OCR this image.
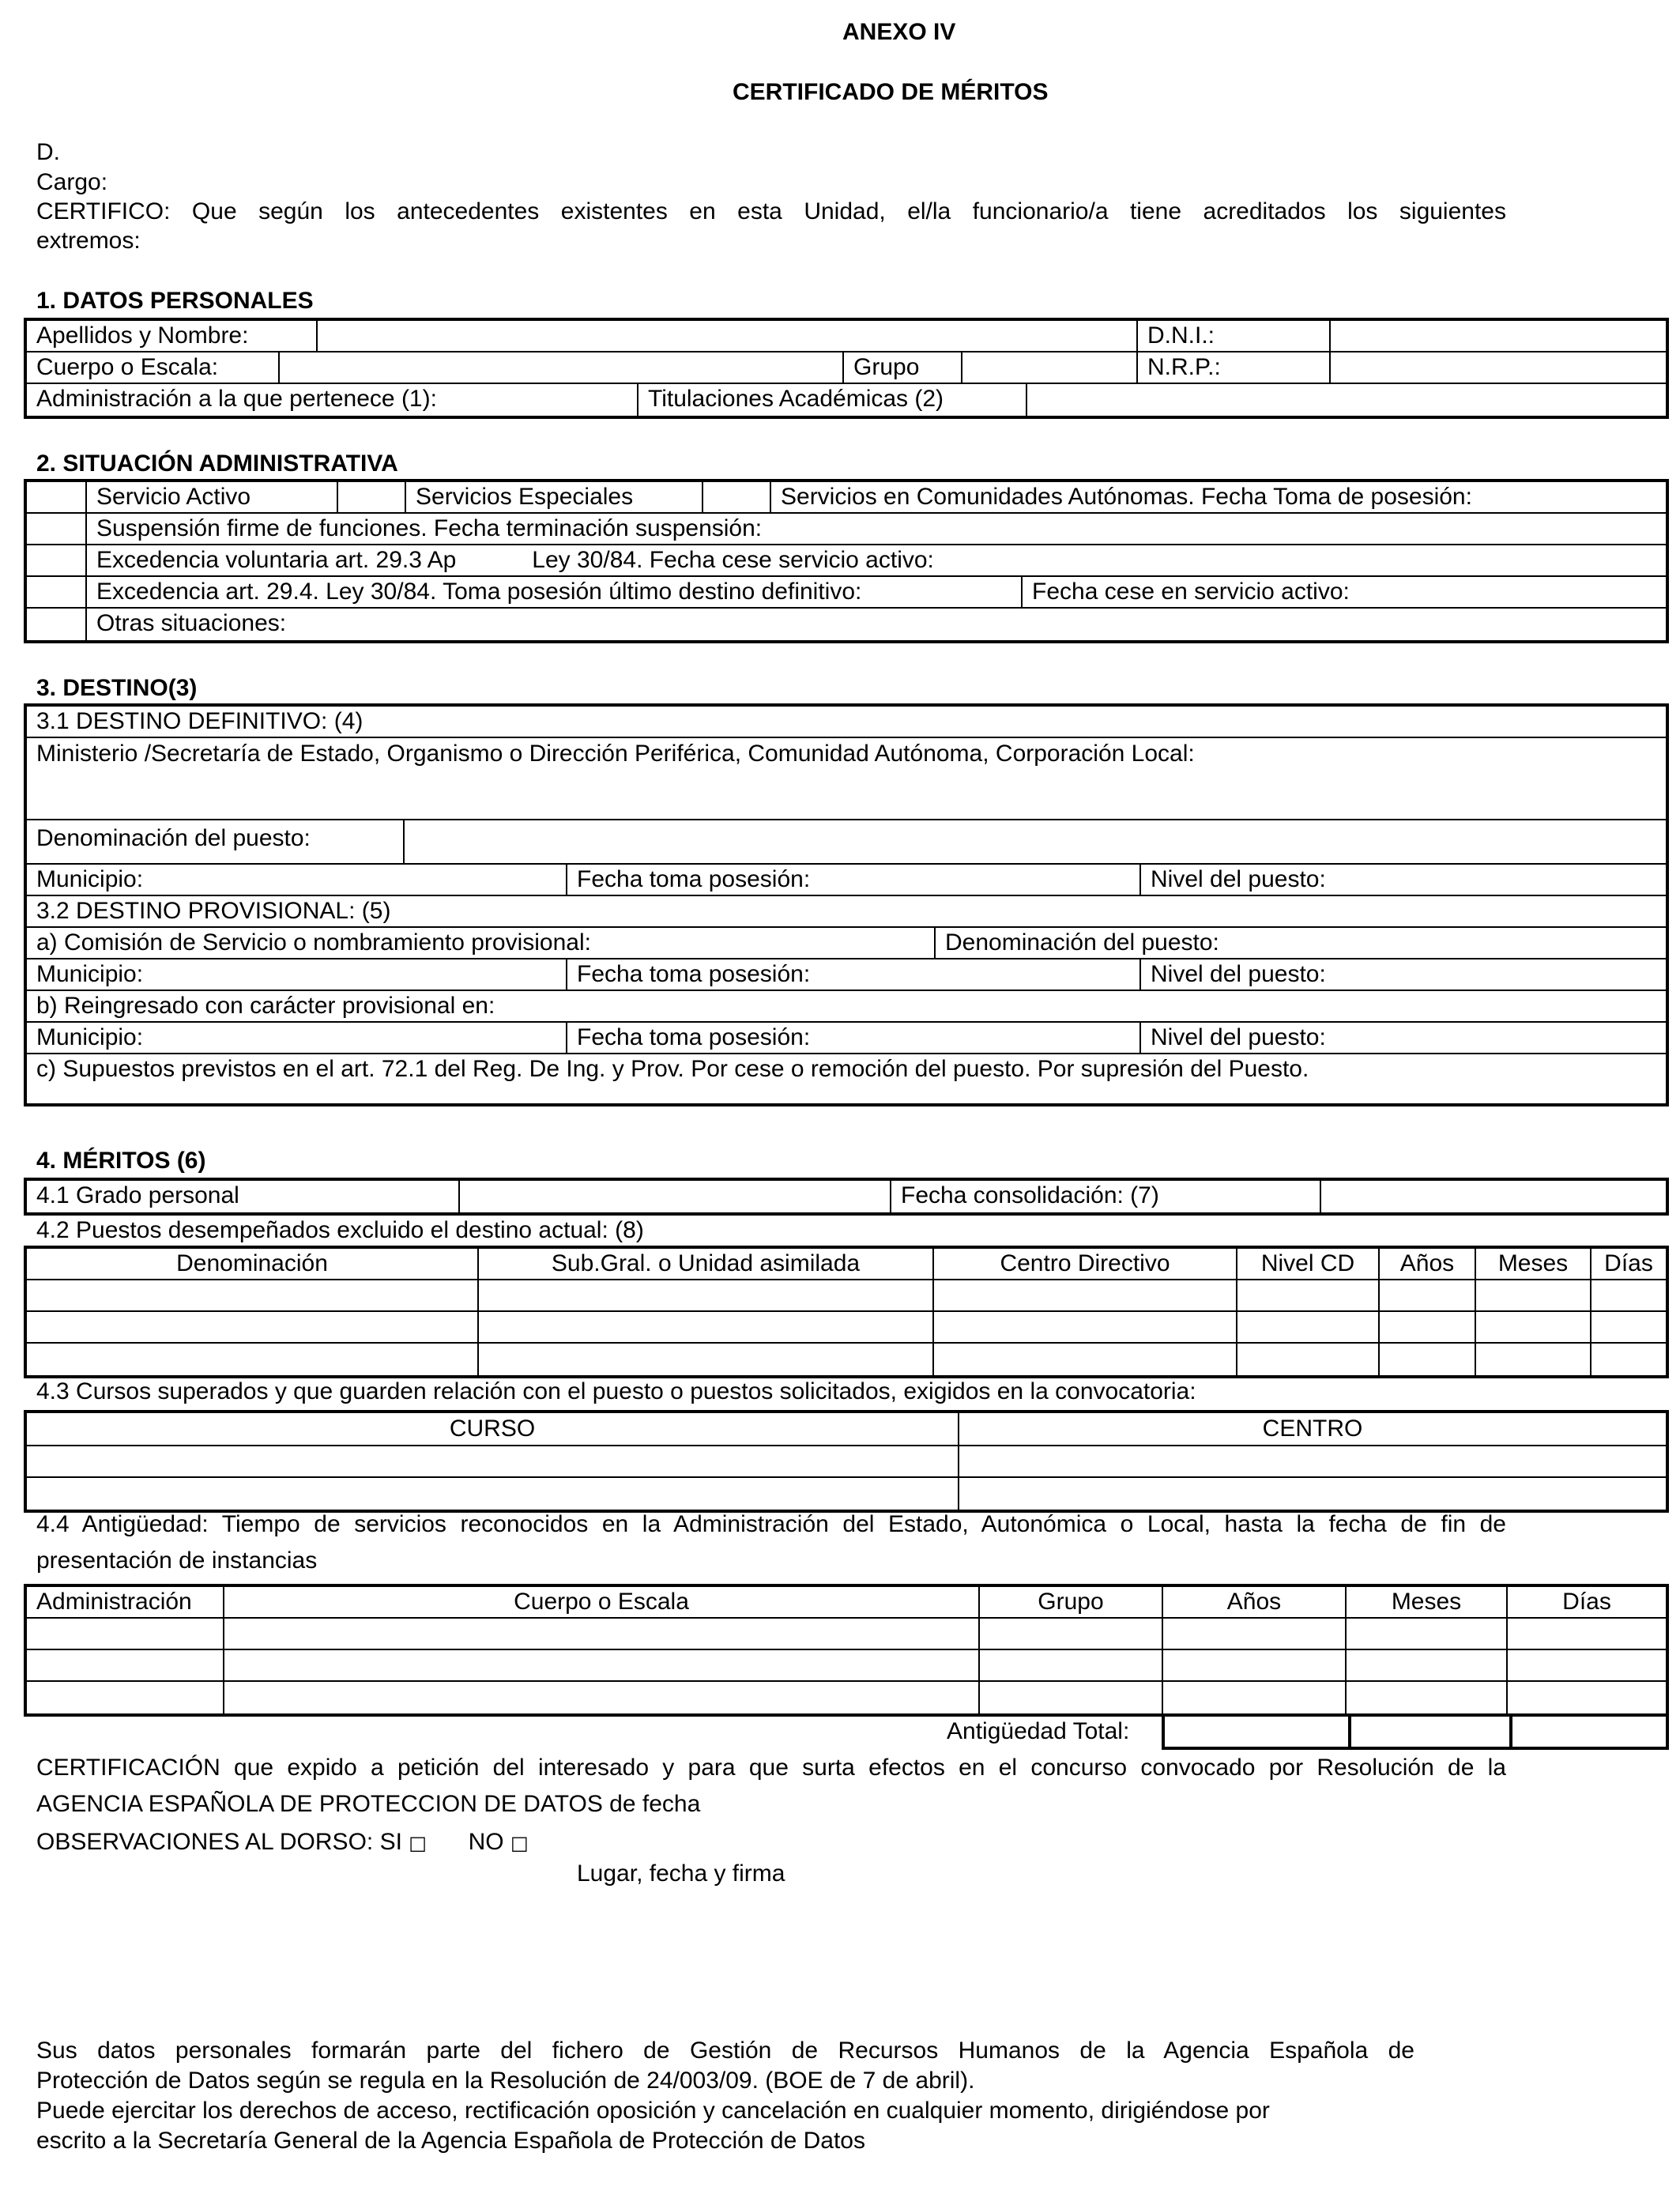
ANEXO IV
CERTIFICADO DE MÉRITOS
D.
Cargo:
CERTIFICO: Que según los antecedentes existentes en esta Unidad, el/la funcionario/a tiene acreditados los siguientes
extremos:
1. DATOS PERSONALES
Apellidos y Nombre:	D.N.I.:
Cuerpo o Escala:	Grupo	N.R.P.:
Administración a la que pertenece (1):	Titulaciones Académicas (2)
2. SITUACIÓN ADMINISTRATIVA
Servicio Activo	Servicios Especiales	Servicios en Comunidades Autónomas. Fecha Toma de posesión:
Suspensión firme de funciones. Fecha terminación suspensión:
Excedencia voluntaria art. 29.3 Ap	Ley 30/84. Fecha cese servicio activo:
Excedencia art. 29.4. Ley 30/84. Toma posesión último destino definitivo:	Fecha cese en servicio activo:
Otras situaciones:
3. DESTINO(3)
3.1 DESTINO DEFINITIVO: (4)
Ministerio /Secretaría de Estado, Organismo o Dirección Periférica, Comunidad Autónoma, Corporación Local:
Denominación del puesto:
Municipio:	Fecha toma posesión:	Nivel del puesto:
3.2 DESTINO PROVISIONAL: (5)
a) Comisión de Servicio o nombramiento provisional:	Denominación del puesto:
Municipio:	Fecha toma posesión:	Nivel del puesto:
b) Reingresado con carácter provisional en:
Municipio:	Fecha toma posesión:	Nivel del puesto:
c) Supuestos previstos en el art. 72.1 del Reg. De Ing. y Prov. Por cese o remoción del puesto. Por supresión del Puesto.
4. MÉRITOS (6)
4.1 Grado personal	Fecha consolidación: (7)
4.2 Puestos desempeñados excluido el destino actual: (8)
Denominación	Sub.Gral. o Unidad asimilada	Centro Directivo	Nivel CD	Años	Meses	Días
4.3 Cursos superados y que guarden relación con el puesto o puestos solicitados, exigidos en la convocatoria:
CURSO	CENTRO
4.4 Antigüedad: Tiempo de servicios reconocidos en la Administración del Estado, Autonómica o Local, hasta la fecha de fin de
presentación de instancias
Administración	Cuerpo o Escala	Grupo	Años	Meses	Días
Antigüedad Total:
CERTIFICACIÓN que expido a petición del interesado y para que surta efectos en el concurso convocado por Resolución de la
AGENCIA ESPAÑOLA DE PROTECCION DE DATOS de fecha
OBSERVACIONES AL DORSO: SI □ NO □
Lugar, fecha y firma
Sus datos personales formarán parte del fichero de Gestión de Recursos Humanos de la Agencia Española de
Protección de Datos según se regula en la Resolución de 24/003/09. (BOE de 7 de abril).
Puede ejercitar los derechos de acceso, rectificación oposición y cancelación en cualquier momento, dirigiéndose por
escrito a la Secretaría General de la Agencia Española de Protección de Datos
